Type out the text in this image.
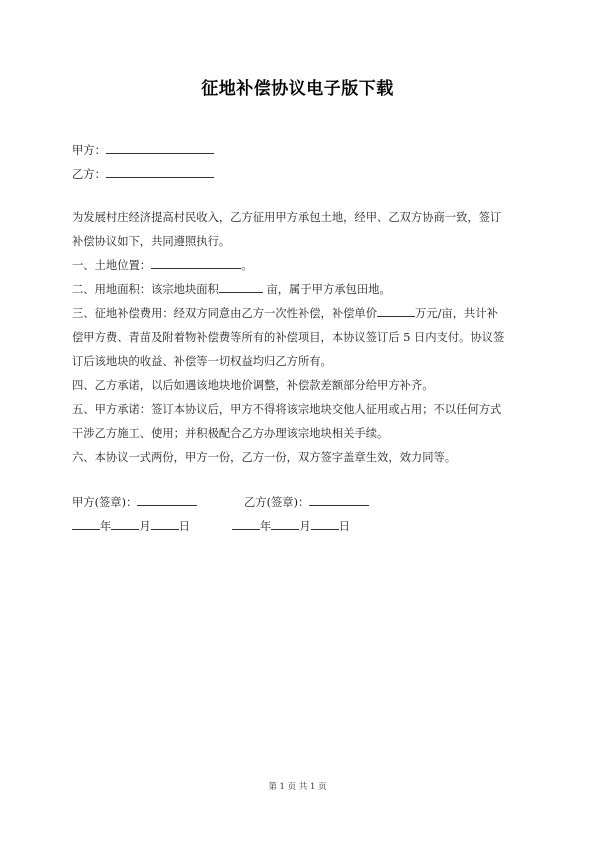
征地补偿协议电子版下载
甲方：
乙方：

为发展村庄经济提高村民收入，乙方征用甲方承包土地，经甲、乙双方协商一致，签订

补偿协议如下，共同遵照执行。

一、土地位置：	。

二、用地面积：该宗地块面积	亩，属于甲方承包田地。

三、征地补偿费用：经双方同意由乙方一次性补偿，补偿单价	万元/亩，共计补

偿甲方费、青苗及附着物补偿费等所有的补偿项目，本协议签订后 5 日内支付。协议签

订后该地块的收益、补偿等一切权益均归乙方所有。

四、乙方承诺，以后如遇该地块地价调整，补偿款差额部分给甲方补齐。

五、甲方承诺：签订本协议后，甲方不得将该宗地块交他人征用或占用；不以任何方式

干涉乙方施工、使用；并积极配合乙方办理该宗地块相关手续。

六、本协议一式两份，甲方一份，乙方一份，双方签字盖章生效，效力同等。

甲方(签章)：	乙方(签章)：
年 月 日	年 月 日
第 1 页 共 1 页
